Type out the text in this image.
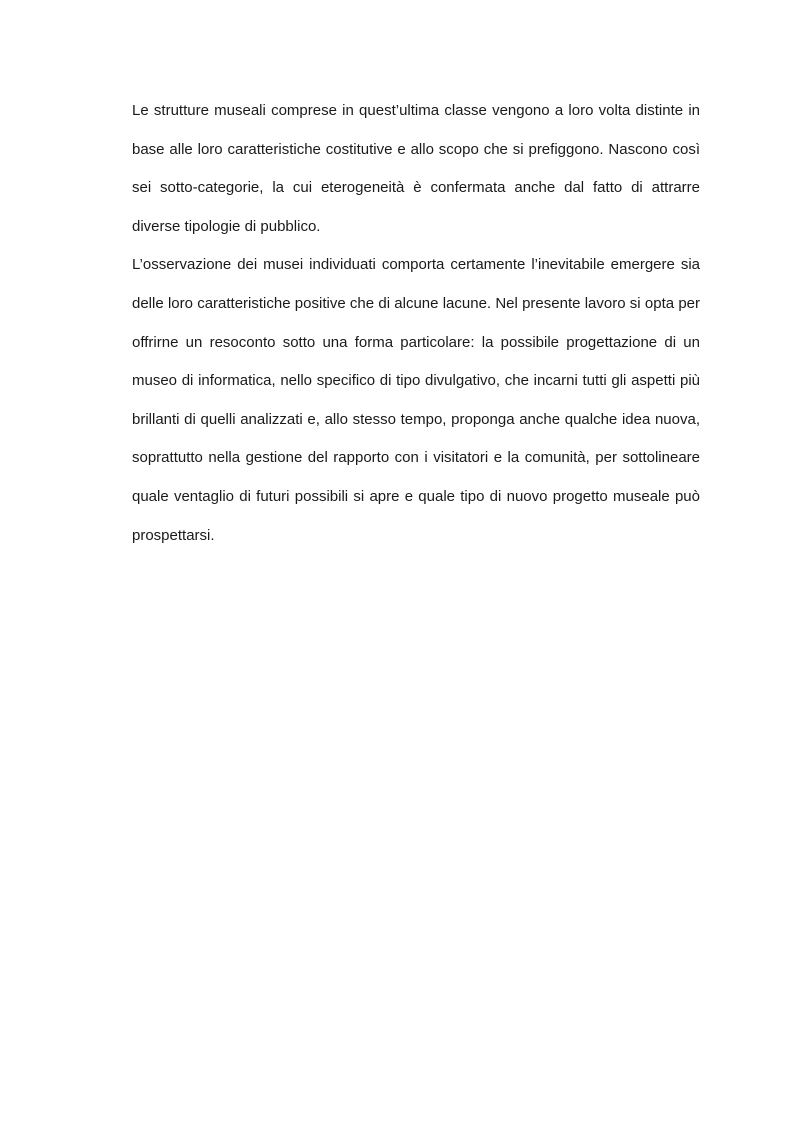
Le strutture museali comprese in quest’ultima classe vengono a loro volta distinte in base alle loro caratteristiche costitutive e allo scopo che si prefiggono. Nascono così sei sotto-categorie, la cui eterogeneità è confermata anche dal fatto di attrarre diverse tipologie di pubblico.

L’osservazione dei musei individuati comporta certamente l’inevitabile emergere sia delle loro caratteristiche positive che di alcune lacune. Nel presente lavoro si opta per offrirne un resoconto sotto una forma particolare: la possibile progettazione di un museo di informatica, nello specifico di tipo divulgativo, che incarni tutti gli aspetti più brillanti di quelli analizzati e, allo stesso tempo, proponga anche qualche idea nuova, soprattutto nella gestione del rapporto con i visitatori e la comunità, per sottolineare quale ventaglio di futuri possibili si apre e quale tipo di nuovo progetto museale può prospettarsi.
